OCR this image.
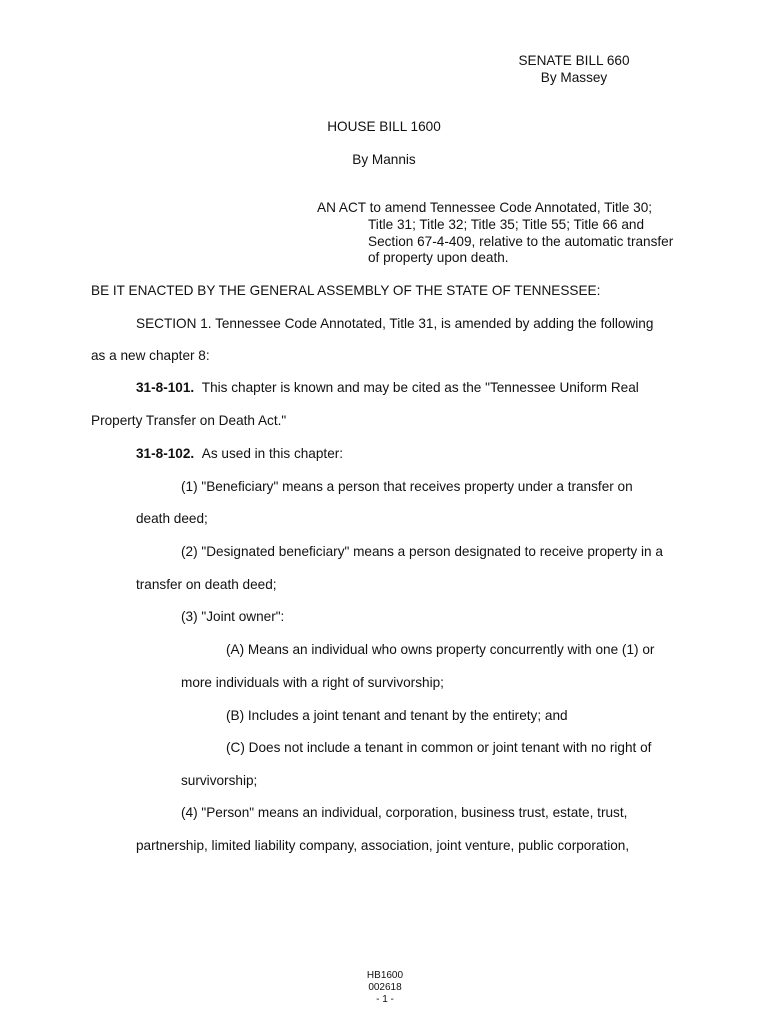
SENATE BILL 660
By Massey
HOUSE BILL 1600
By Mannis
AN ACT to amend Tennessee Code Annotated, Title 30;
Title 31; Title 32; Title 35; Title 55; Title 66 and
Section 67-4-409, relative to the automatic transfer
of property upon death.
BE IT ENACTED BY THE GENERAL ASSEMBLY OF THE STATE OF TENNESSEE:
SECTION 1. Tennessee Code Annotated, Title 31, is amended by adding the following
as a new chapter 8:
31-8-101. This chapter is known and may be cited as the "Tennessee Uniform Real
Property Transfer on Death Act."
31-8-102. As used in this chapter:
(1) "Beneficiary" means a person that receives property under a transfer on
death deed;
(2) "Designated beneficiary" means a person designated to receive property in a
transfer on death deed;
(3) "Joint owner":
(A) Means an individual who owns property concurrently with one (1) or
more individuals with a right of survivorship;
(B) Includes a joint tenant and tenant by the entirety; and
(C) Does not include a tenant in common or joint tenant with no right of
survivorship;
(4) "Person" means an individual, corporation, business trust, estate, trust,
partnership, limited liability company, association, joint venture, public corporation,
HB1600
002618
- 1 -
